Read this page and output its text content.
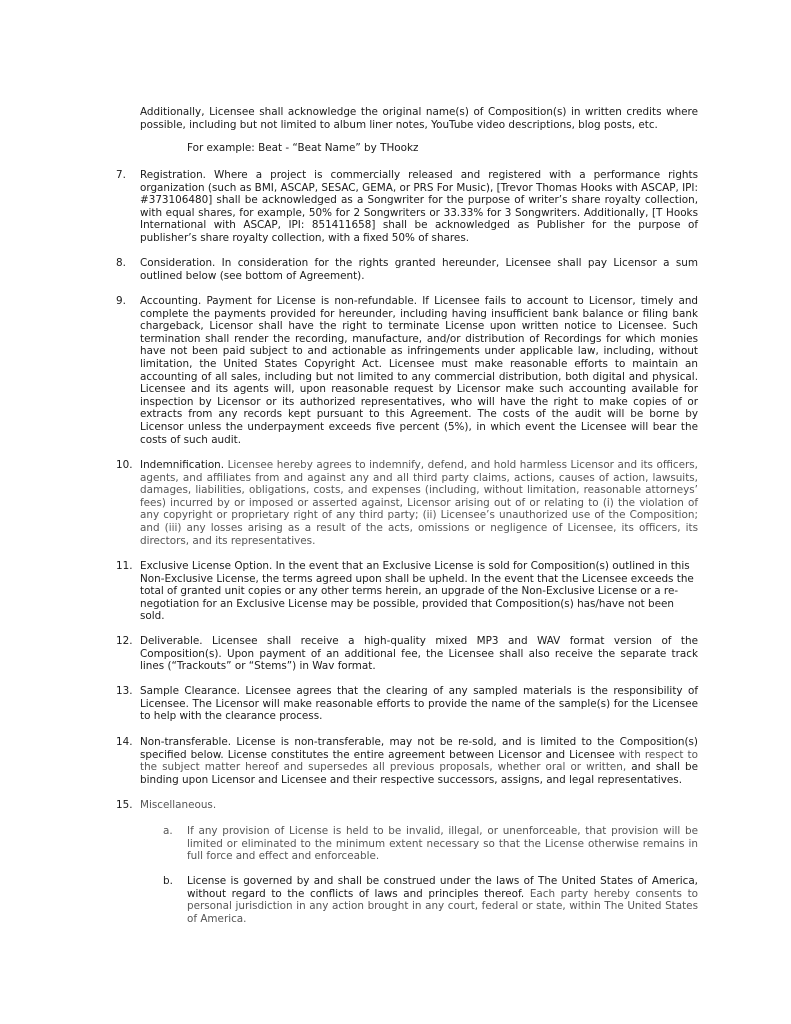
Additionally, Licensee shall acknowledge the original name(s) of Composition(s) in written credits where possible, including but not limited to album liner notes, YouTube video descriptions, blog posts, etc.
For example: Beat - “Beat Name” by THookz
7.	Registration. Where a project is commercially released and registered with a performance rights organization (such as BMI, ASCAP, SESAC, GEMA, or PRS For Music), [Trevor Thomas Hooks with ASCAP, IPI: #373106480] shall be acknowledged as a Songwriter for the purpose of writer’s share royalty collection, with equal shares, for example, 50% for 2 Songwriters or 33.33% for 3 Songwriters. Additionally, [T Hooks International with ASCAP, IPI: 851411658] shall be acknowledged as Publisher for the purpose of publisher’s share royalty collection, with a fixed 50% of shares.
8.	Consideration. In consideration for the rights granted hereunder, Licensee shall pay Licensor a sum outlined below (see bottom of Agreement).
9.	Accounting. Payment for License is non-refundable. If Licensee fails to account to Licensor, timely and complete the payments provided for hereunder, including having insufficient bank balance or filing bank chargeback, Licensor shall have the right to terminate License upon written notice to Licensee. Such termination shall render the recording, manufacture, and/or distribution of Recordings for which monies have not been paid subject to and actionable as infringements under applicable law, including, without limitation, the United States Copyright Act. Licensee must make reasonable efforts to maintain an accounting of all sales, including but not limited to any commercial distribution, both digital and physical. Licensee and its agents will, upon reasonable request by Licensor make such accounting available for inspection by Licensor or its authorized representatives, who will have the right to make copies of or extracts from any records kept pursuant to this Agreement. The costs of the audit will be borne by Licensor unless the underpayment exceeds five percent (5%), in which event the Licensee will bear the costs of such audit.
10. Indemnification. Licensee hereby agrees to indemnify, defend, and hold harmless Licensor and its officers, agents, and affiliates from and against any and all third party claims, actions, causes of action, lawsuits, damages, liabilities, obligations, costs, and expenses (including, without limitation, reasonable attorneys’ fees) incurred by or imposed or asserted against, Licensor arising out of or relating to (i) the violation of any copyright or proprietary right of any third party; (ii) Licensee’s unauthorized use of the Composition; and (iii) any losses arising as a result of the acts, omissions or negligence of Licensee, its officers, its directors, and its representatives.
11. Exclusive License Option. In the event that an Exclusive License is sold for Composition(s) outlined in this Non-Exclusive License, the terms agreed upon shall be upheld. In the event that the Licensee exceeds the total of granted unit copies or any other terms herein, an upgrade of the Non-Exclusive License or a re-negotiation for an Exclusive License may be possible, provided that Composition(s) has/have not been sold.
12. Deliverable. Licensee shall receive a high-quality mixed MP3 and WAV format version of the Composition(s). Upon payment of an additional fee, the Licensee shall also receive the separate track lines (“Trackouts” or “Stems”) in Wav format.
13. Sample Clearance. Licensee agrees that the clearing of any sampled materials is the responsibility of Licensee. The Licensor will make reasonable efforts to provide the name of the sample(s) for the Licensee to help with the clearance process.
14. Non-transferable. License is non-transferable, may not be re-sold, and is limited to the Composition(s) specified below. License constitutes the entire agreement between Licensor and Licensee with respect to the subject matter hereof and supersedes all previous proposals, whether oral or written, and shall be binding upon Licensor and Licensee and their respective successors, assigns, and legal representatives.
15. Miscellaneous.
a.	If any provision of License is held to be invalid, illegal, or unenforceable, that provision will be limited or eliminated to the minimum extent necessary so that the License otherwise remains in full force and effect and enforceable.
b.	License is governed by and shall be construed under the laws of The United States of America, without regard to the conflicts of laws and principles thereof. Each party hereby consents to personal jurisdiction in any action brought in any court, federal or state, within The United States of America.
